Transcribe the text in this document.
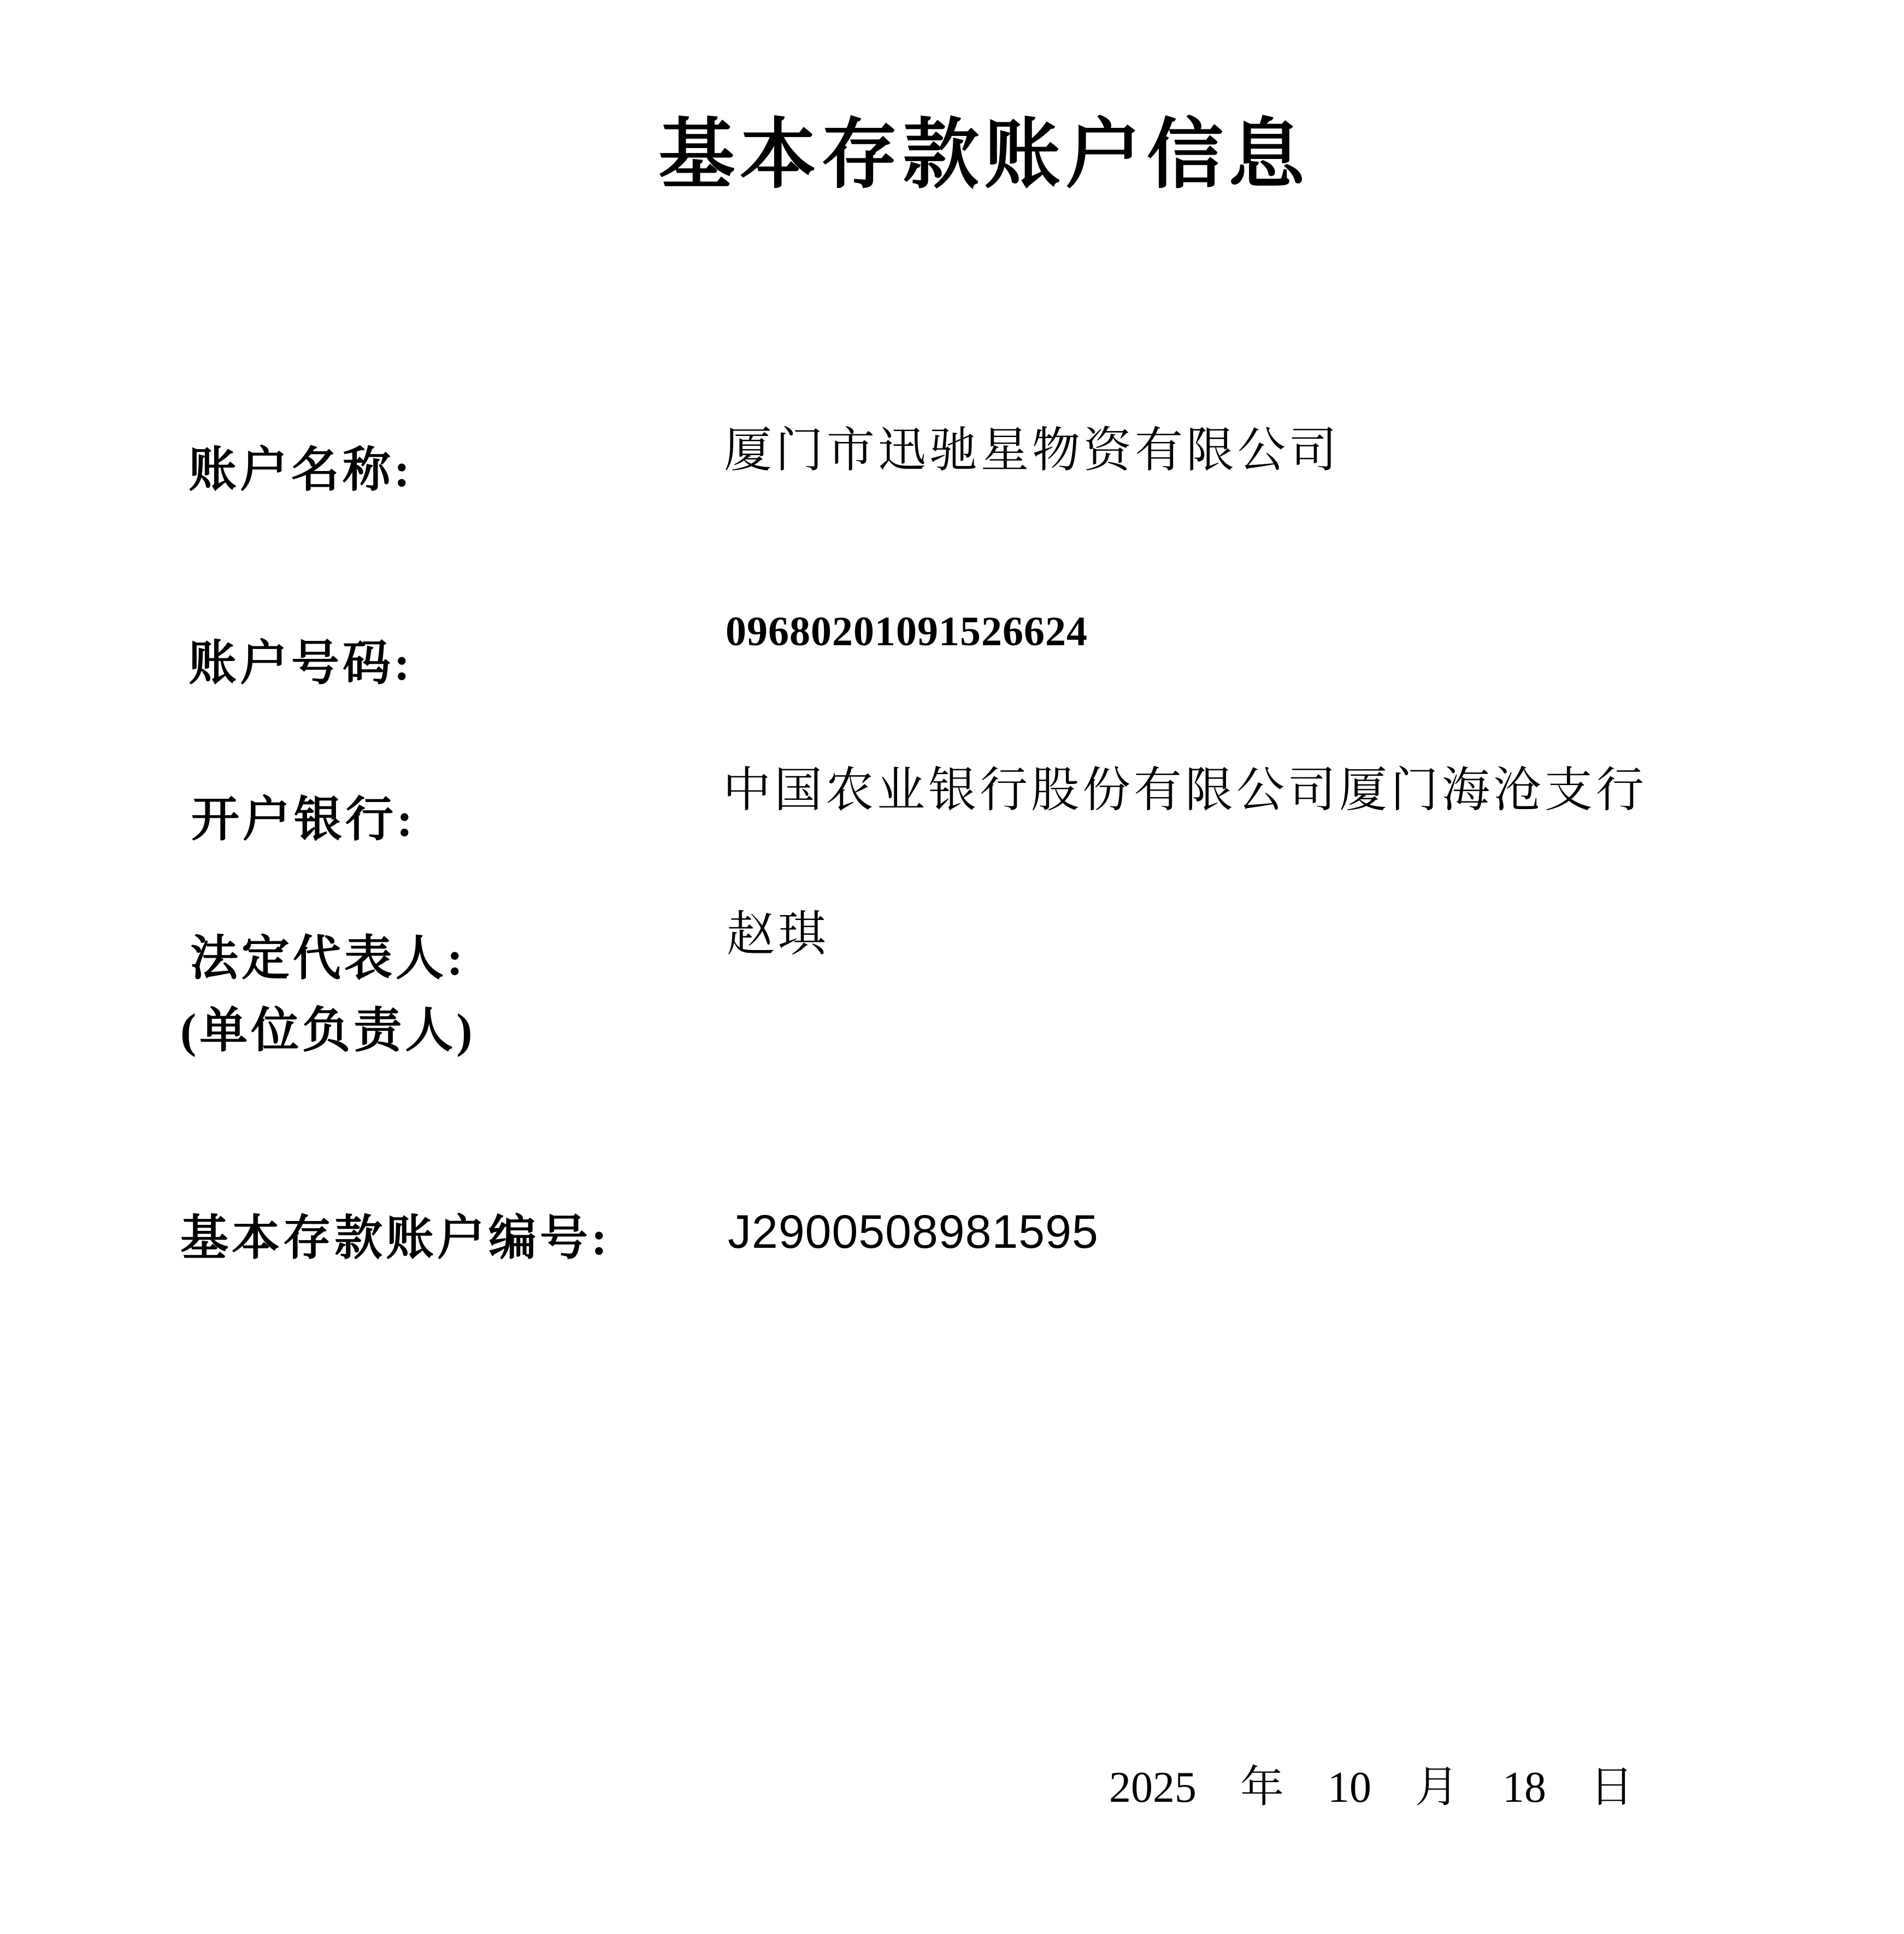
基本存款账户信息
账户名称:	厦门市迅驰星物资有限公司
账户号码:
09680201091526624
开户银行:
中国农业银行股份有限公司厦门海沧支行
法定代表人:
(单位负责人)
赵琪
基本存款账户编号: J2900508981595
2025 年 10 月 18 日
